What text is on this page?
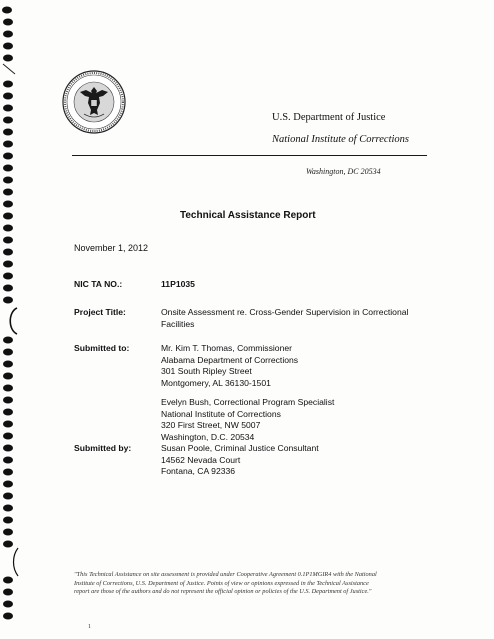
U.S. Department of Justice
National Institute of Corrections
Washington, DC 20534
Technical Assistance Report
November 1, 2012
NIC TA NO.:	11P1035
Project Title:	Onsite Assessment re. Cross-Gender Supervision in Correctional
Facilities
Submitted to:	Mr. Kim T. Thomas, Commissioner
Alabama Department of Corrections
301 South Ripley Street
Montgomery, AL 36130-1501
Evelyn Bush, Correctional Program Specialist
National Institute of Corrections
320 First Street, NW 5007
Washington, D.C. 20534
Submitted by:	Susan Poole, Criminal Justice Consultant
14562 Nevada Court
Fontana, CA 92336
"This Technical Assistance on site assessment is provided under Cooperative Agreement 0.1P1MGIR4 with the National
Institute of Corrections, U.S. Department of Justice. Points of view or opinions expressed in the Technical Assistance
report are those of the authors and do not represent the official opinion or policies of the U.S. Department of Justice."
1
